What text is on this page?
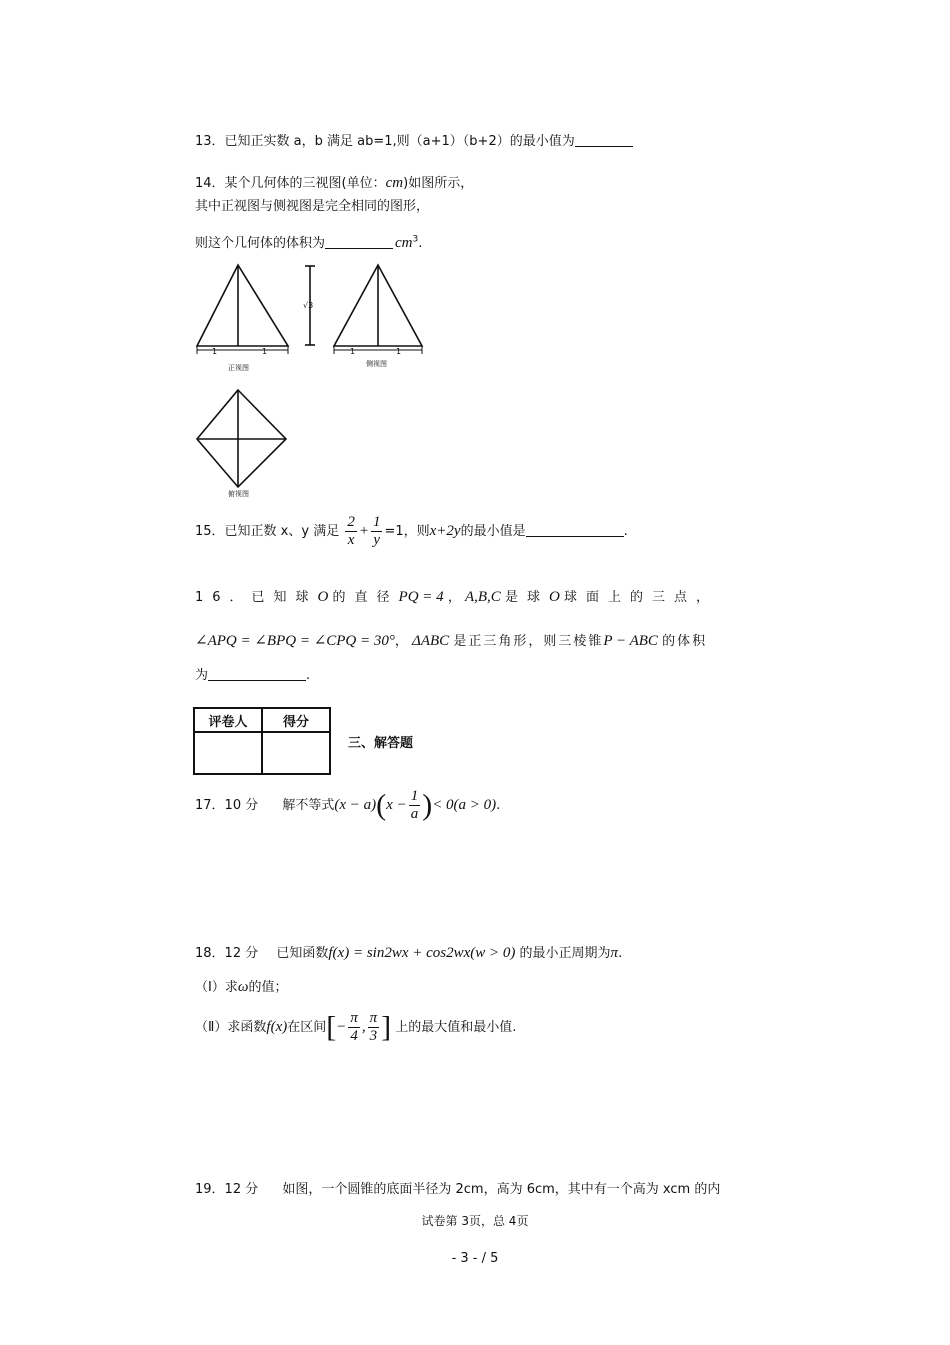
13．已知正实数 a，b 满足 ab=1,则（a+1）（b+2）的最小值为
14．某个几何体的三视图(单位：cm)如图所示，
其中正视图与侧视图是完全相同的图形，
则这个几何体的体积为	$cm^3$.
1	1
√3
1	1
正视图	侧视图
俯视图
15．已知正数 x、y 满足 $\frac{2}{x} + \frac{1}{y} =1$，则x+2y的最小值是	.
16．已知球O 的直径PQ = 4 ， A,B,C 是球O 球面上的三点，
∠APQ = ∠BPQ = ∠CPQ = 30°， ΔABC 是正三角形，则三棱锥P − ABC 的体积
为	.
评卷人	得分

三、解答题
17．10 分 解不等式$(x - a)(x - \frac{1}{a}$ )< 0(a > 0).
18．12 分 已知函数f(x) = sin2wx + cos2wx(w > 0) 的最小正周期为π.
（Ⅰ）求ω的值；
（Ⅱ）求函数f(x)在区间[− $\frac{\pi}{4}$ , $\frac{\pi}{3}$ ] 上的最大值和最小值.
19．12 分 如图，一个圆锥的底面半径为 2cm，高为 6cm，其中有一个高为 xcm 的内
试卷第 3页，总 4页
- 3 - / 5
